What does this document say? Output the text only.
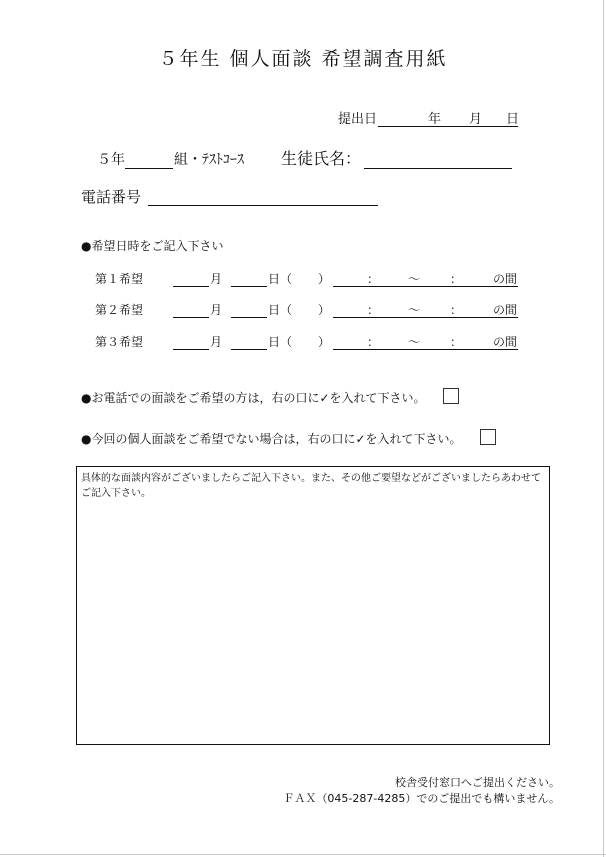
５年生 個人面談 希望調査用紙
提出日	年 月 日
５年	組・ﾃｽﾄｺｰｽ 生徒氏名：
電話番号
●希望日時をご記入下さい
第１希望	月	日（ ）	： ～ ：	の間
第２希望	月	日（ ）	： ～ ：	の間
第３希望	月	日（ ）	： ～ ：	の間
●お電話での面談をご希望の方は，右の口に✓を入れて下さい。
●今回の個人面談をご希望でない場合は，右の口に✓を入れて下さい。
具体的な面談内容がございましたらご記入下さい。また、その他ご要望などがございましたらあわせてご記入下さい。
校舎受付窓口へご提出ください。
ＦＡＸ（045-287-4285）でのご提出でも構いません。
